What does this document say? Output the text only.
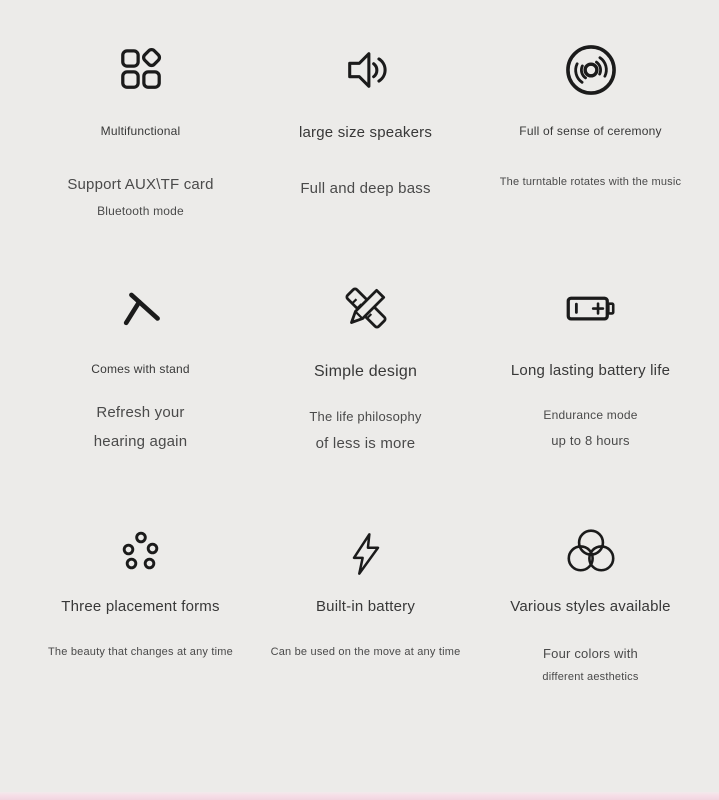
Multifunctional
Support AUX\TF card
Bluetooth mode
large size speakers
Full and deep bass
Full of sense of ceremony
The turntable rotates with the music
Comes with stand
Refresh your
hearing again
Simple design
The life philosophy
of less is more
Long lasting battery life
Endurance mode
up to 8 hours
Three placement forms
The beauty that changes at any time
Built-in battery
Can be used on the move at any time
Various styles available
Four colors with
different aesthetics
